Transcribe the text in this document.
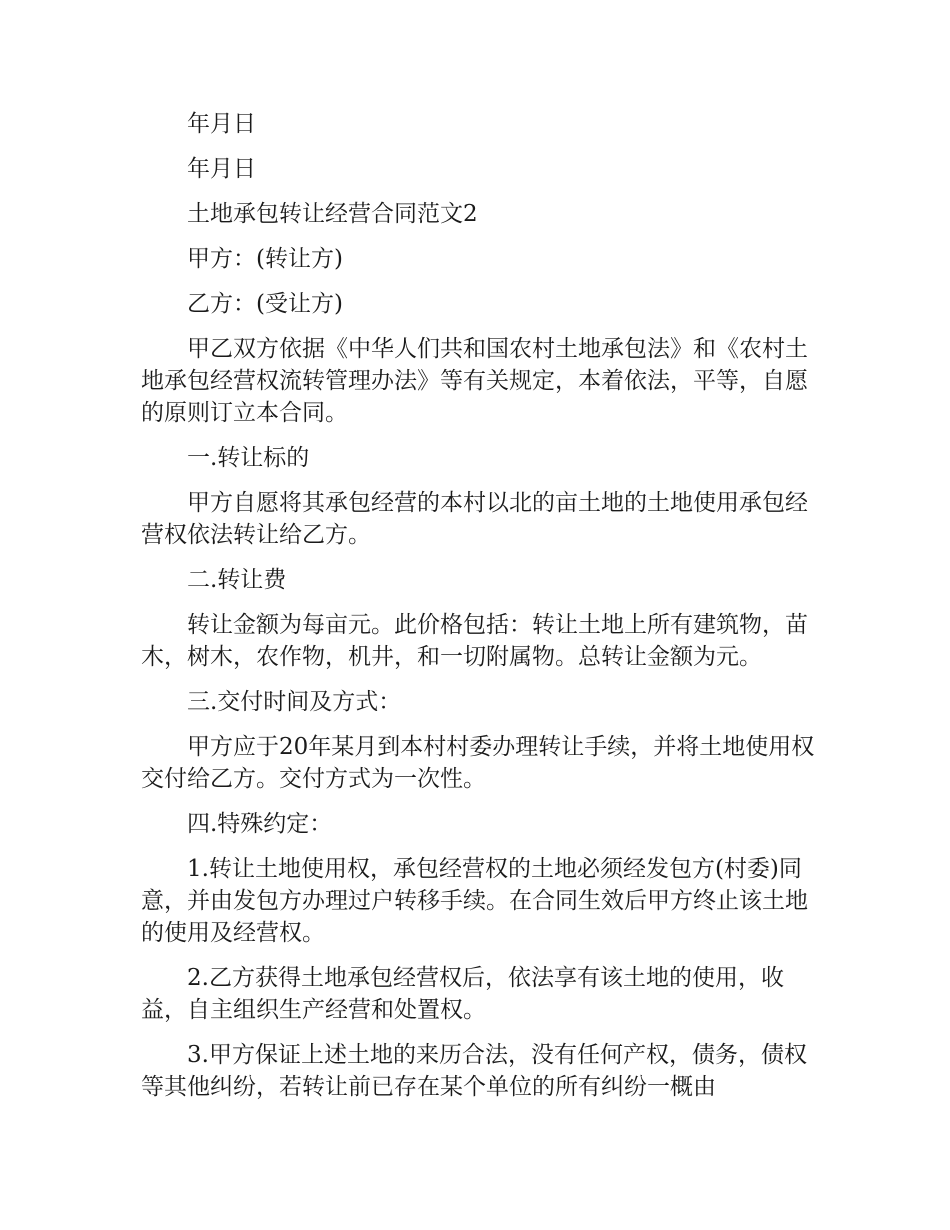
年月日

年月日

土地承包转让经营合同范文2

甲方：(转让方)

乙方：(受让方)

甲乙双方依据《中华人们共和国农村土地承包法》和《农村土地承包经营权流转管理办法》等有关规定，本着依法，平等，自愿的原则订立本合同。

一.转让标的

甲方自愿将其承包经营的本村以北的亩土地的土地使用承包经营权依法转让给乙方。

二.转让费

转让金额为每亩元。此价格包括：转让土地上所有建筑物，苗木，树木，农作物，机井，和一切附属物。总转让金额为元。

三.交付时间及方式：

甲方应于20年某月到本村村委办理转让手续，并将土地使用权交付给乙方。交付方式为一次性。

四.特殊约定：

1.转让土地使用权，承包经营权的土地必须经发包方(村委)同意，并由发包方办理过户转移手续。在合同生效后甲方终止该土地的使用及经营权。

2.乙方获得土地承包经营权后，依法享有该土地的使用，收益，自主组织生产经营和处置权。

3.甲方保证上述土地的来历合法，没有任何产权，债务，债权等其他纠纷，若转让前已存在某个单位的所有纠纷一概由
